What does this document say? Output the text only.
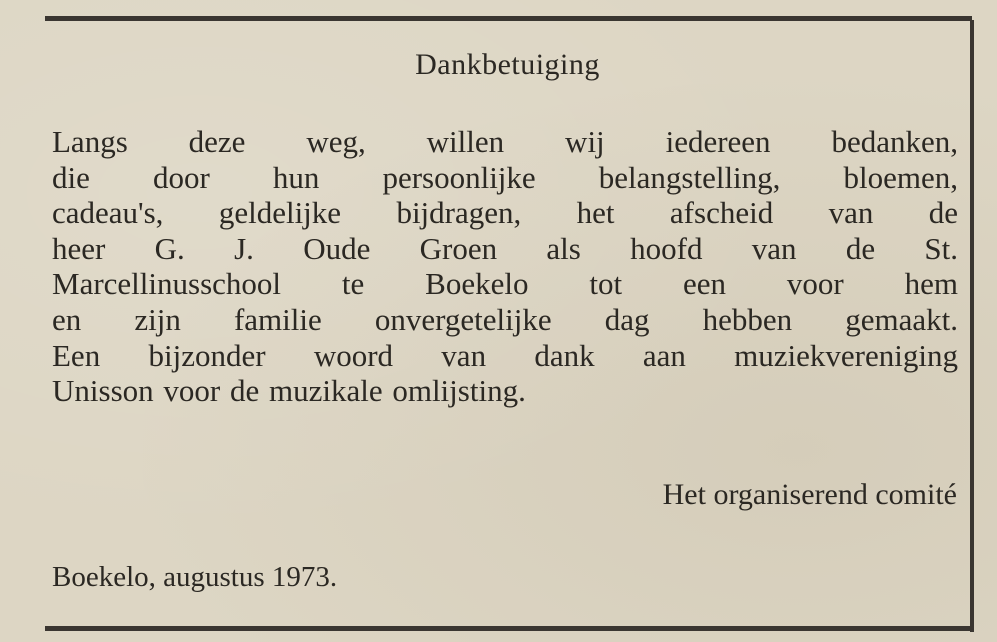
Dankbetuiging
Langs deze weg, willen wij iedereen bedanken,
die door hun persoonlijke belangstelling, bloemen,
cadeau's, geldelijke bijdragen, het afscheid van de
heer G. J. Oude Groen als hoofd van de St.
Marcellinusschool te Boekelo tot een voor hem
en zijn familie onvergetelijke dag hebben gemaakt.
Een bijzonder woord van dank aan muziekvereniging
Unisson voor de muzikale omlijsting.
Het organiserend comité
Boekelo, augustus 1973.
